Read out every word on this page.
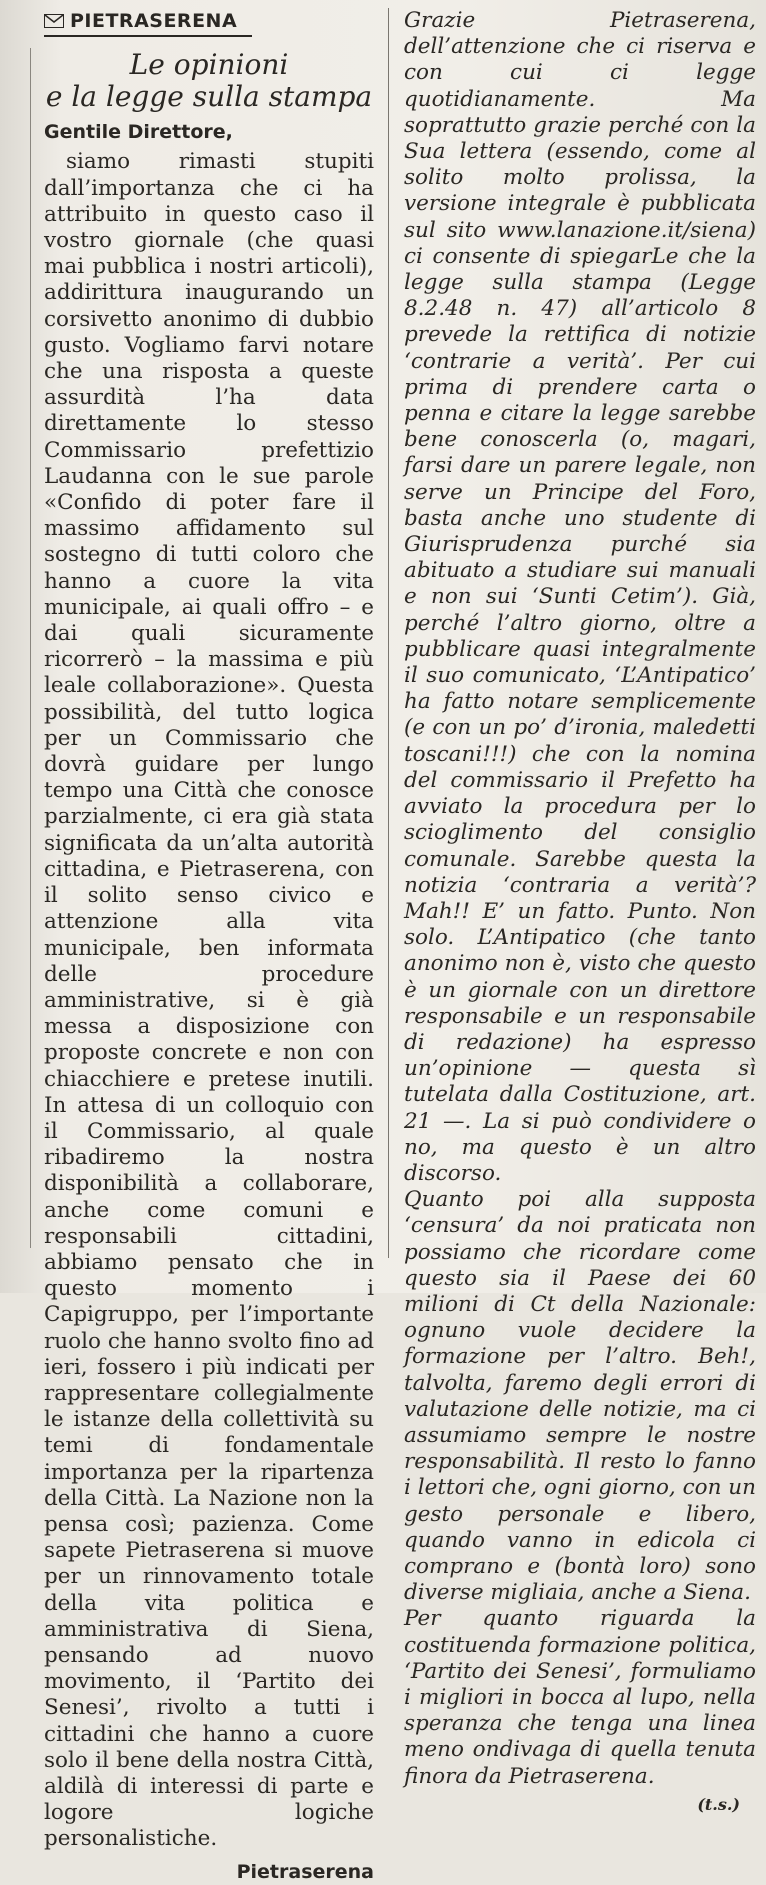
PIETRASERENA
Le opinioni
e la legge sulla stampa
Gentile Direttore,

siamo rimasti stupiti dall’importanza che ci ha attribuito in questo caso il vostro giornale (che quasi mai pubblica i nostri articoli), addirittura inaugurando un corsivetto anonimo di dubbio gusto. Vogliamo farvi notare che una risposta a queste assurdità l’ha data direttamente lo stesso Commissario prefettizio Laudanna con le sue parole «Confido di poter fare il massimo affidamento sul sostegno di tutti coloro che hanno a cuore la vita municipale, ai quali offro – e dai quali sicuramente ricorrerò – la massima e più leale collaborazione». Questa possibilità, del tutto logica per un Commissario che dovrà guidare per lungo tempo una Città che conosce parzialmente, ci era già stata significata da un’alta autorità cittadina, e Pietraserena, con il solito senso civico e attenzione alla vita municipale, ben informata delle procedure amministrative, si è già messa a disposizione con proposte concrete e non con chiacchiere e pretese inutili. In attesa di un colloquio con il Commissario, al quale ribadiremo la nostra disponibilità a collaborare, anche come comuni e responsabili cittadini, abbiamo pensato che in questo momento i Capigruppo, per l’importante ruolo che hanno svolto fino ad ieri, fossero i più indicati per rappresentare collegialmente le istanze della collettività su temi di fondamentale importanza per la ripartenza della Città. La Nazione non la pensa così; pazienza. Come sapete Pietraserena si muove per un rinnovamento totale della vita politica e amministrativa di Siena, pensando ad nuovo movimento, il ‘Partito dei Senesi’, rivolto a tutti i cittadini che hanno a cuore solo il bene della nostra Città, aldilà di interessi di parte e logore logiche personalistiche.

Pietraserena

Grazie Pietraserena, dell’attenzione che ci riserva e con cui ci legge quotidianamente. Ma soprattutto grazie perché con la Sua lettera (essendo, come al solito molto prolissa, la versione integrale è pubblicata sul sito www.lanazione.it/siena) ci consente di spiegarLe che la legge sulla stampa (Legge 8.2.48 n. 47) all’articolo 8 prevede la rettifica di notizie ‘contrarie a verità’. Per cui prima di prendere carta o penna e citare la legge sarebbe bene conoscerla (o, magari, farsi dare un parere legale, non serve un Principe del Foro, basta anche uno studente di Giurisprudenza purché sia abituato a studiare sui manuali e non sui ‘Sunti Cetim’). Già, perché l’altro giorno, oltre a pubblicare quasi integralmente il suo comunicato, ‘L’Antipatico’ ha fatto notare semplicemente (e con un po’ d’ironia, maledetti toscani!!!) che con la nomina del commissario il Prefetto ha avviato la procedura per lo scioglimento del consiglio comunale. Sarebbe questa la notizia ‘contraria a verità’? Mah!! E’ un fatto. Punto. Non solo. L’Antipatico (che tanto anonimo non è, visto che questo è un giornale con un direttore responsabile e un responsabile di redazione) ha espresso un’opinione — questa sì tutelata dalla Costituzione, art. 21 —. La si può condividere o no, ma questo è un altro discorso.

Quanto poi alla supposta ‘censura’ da noi praticata non possiamo che ricordare come questo sia il Paese dei 60 milioni di Ct della Nazionale: ognuno vuole decidere la formazione per l’altro. Beh!, talvolta, faremo degli errori di valutazione delle notizie, ma ci assumiamo sempre le nostre responsabilità. Il resto lo fanno i lettori che, ogni giorno, con un gesto personale e libero, quando vanno in edicola ci comprano e (bontà loro) sono diverse migliaia, anche a Siena.

Per quanto riguarda la costituenda formazione politica, ‘Partito dei Senesi’, formuliamo i migliori in bocca al lupo, nella speranza che tenga una linea meno ondivaga di quella tenuta finora da Pietraserena.

(t.s.)
